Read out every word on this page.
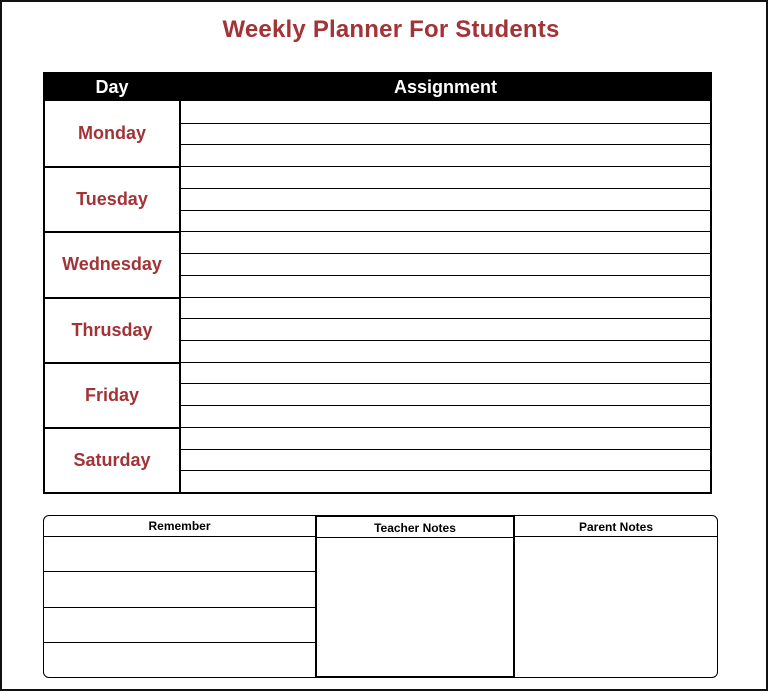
Weekly Planner For Students
Day	Assignment
Monday
Tuesday
Wednesday
Thrusday
Friday
Saturday
Remember	Teacher Notes	Parent Notes
